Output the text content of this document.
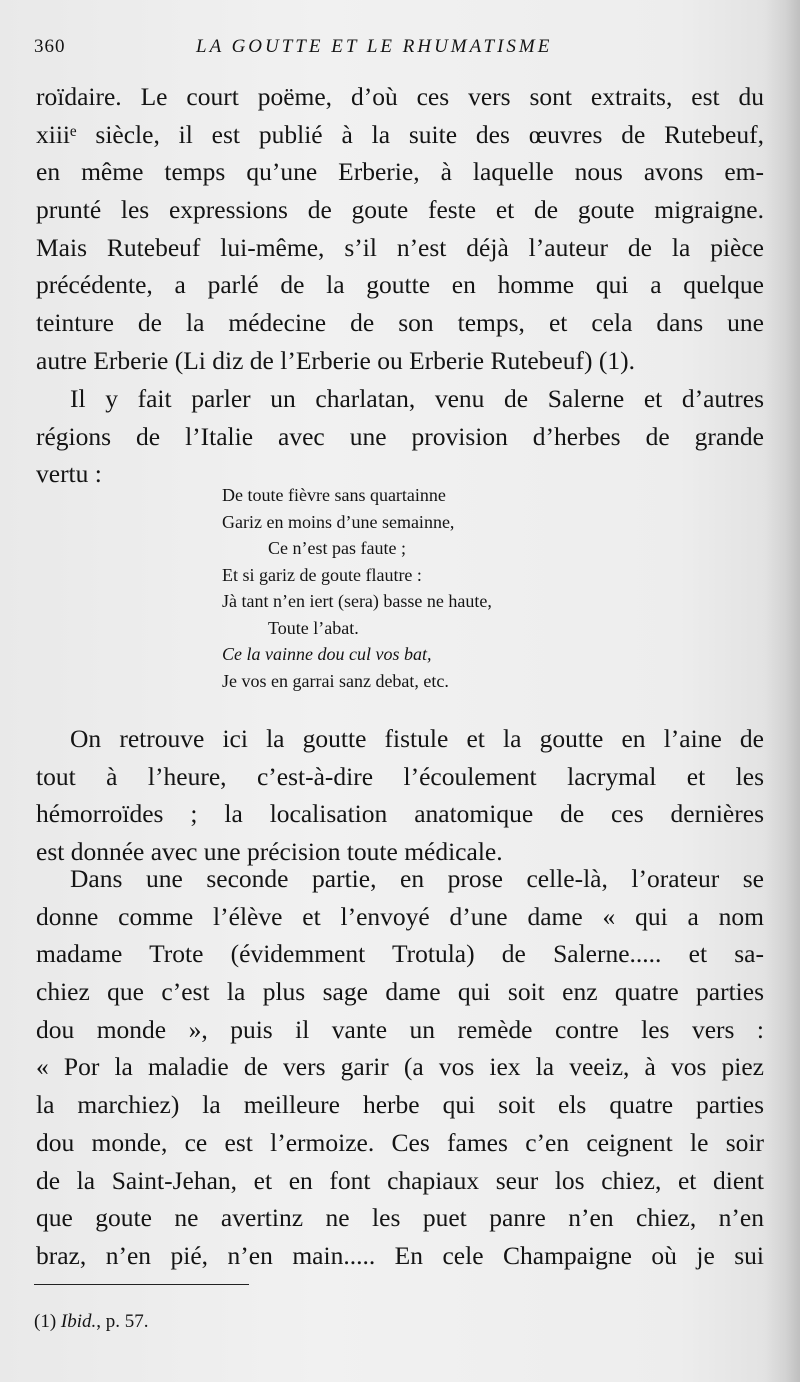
360	LA GOUTTE ET LE RHUMATISME
roïdaire. Le court poëme, d’où ces vers sont extraits, est du
xiiiᵉ siècle, il est publié à la suite des œuvres de Rutebeuf,
en même temps qu’une Erberie, à laquelle nous avons em-
prunté les expressions de goute feste et de goute migraigne.
Mais Rutebeuf lui-même, s’il n’est déjà l’auteur de la pièce
précédente, a parlé de la goutte en homme qui a quelque
teinture de la médecine de son temps, et cela dans une
autre Erberie (Li diz de l’Erberie ou Erberie Rutebeuf) (1).
Il y fait parler un charlatan, venu de Salerne et d’autres
régions de l’Italie avec une provision d’herbes de grande
vertu :
De toute fièvre sans quartainne
Gariz en moins d’une semainne,
Ce n’est pas faute ;
Et si gariz de goute flautre :
Jà tant n’en iert (sera) basse ne haute,
Toute l’abat.
Ce la vainne dou cul vos bat,
Je vos en garrai sanz debat, etc.
On retrouve ici la goutte fistule et la goutte en l’aine de
tout à l’heure, c’est-à-dire l’écoulement lacrymal et les
hémorroïdes ; la localisation anatomique de ces dernières
est donnée avec une précision toute médicale.
Dans une seconde partie, en prose celle-là, l’orateur se
donne comme l’élève et l’envoyé d’une dame « qui a nom
madame Trote (évidemment Trotula) de Salerne..... et sa-
chiez que c’est la plus sage dame qui soit enz quatre parties
dou monde », puis il vante un remède contre les vers :
« Por la maladie de vers garir (a vos iex la veeiz, à vos piez
la marchiez) la meilleure herbe qui soit els quatre parties
dou monde, ce est l’ermoize. Ces fames c’en ceignent le soir
de la Saint-Jehan, et en font chapiaux seur los chiez, et dient
que goute ne avertinz ne les puet panre n’en chiez, n’en
braz, n’en pié, n’en main..... En cele Champaigne où je sui
(1) Ibid., p. 57.
